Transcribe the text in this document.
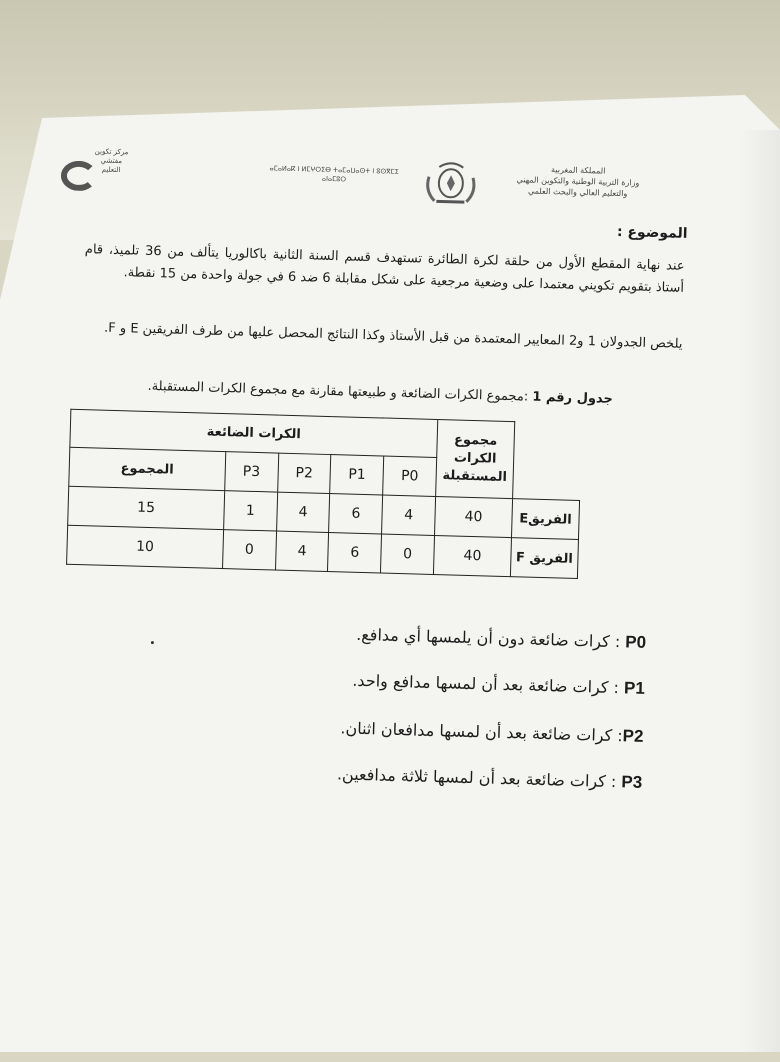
مركز تكوين مفتشي التعليم	ⴰⵎⴰⵍⴰⴽ ⵏ ⵍⵎⵖⵔⵉⴱ ⵜⴰⵎⴰⵡⴰⵙⵜ ⵏ ⵓⵙⴳⵎⵉ ⴰⵏⴰⵎⵓⵔ
المملكة المغربية
وزارة التربية الوطنية والتكوين المهني
والتعليم العالي والبحث العلمي
الموضوع :
عند نهاية المقطع الأول من حلقة لكرة الطائرة تستهدف قسم السنة الثانية باكالوريا يتألف من 36 تلميذ، قام أستاذ بتقويم تكويني معتمدا على وضعية مرجعية على شكل مقابلة 6 ضد 6 في جولة واحدة من 15 نقطة.
يلخص الجدولان 1 و2 المعايير المعتمدة من قبل الأستاذ وكذا النتائج المحصل عليها من طرف الفريقين E و F.
جدول رقم 1 :مجموع الكرات الضائعة و طبيعتها مقارنة مع مجموع الكرات المستقبلة.
	مجموع الكرات المستقبلة	الكرات الضائعة				
		P0	P1	P2	P3	المجموع
الفريقE	40	4	6	4	1	15
الفريق F	40	0	6	4	0	10
P0 : كرات ضائعة دون أن يلمسها أي مدافع.
P1 : كرات ضائعة بعد أن لمسها مدافع واحد.
P2: كرات ضائعة بعد أن لمسها مدافعان اثنان.
P3 : كرات ضائعة بعد أن لمسها ثلاثة مدافعين.
